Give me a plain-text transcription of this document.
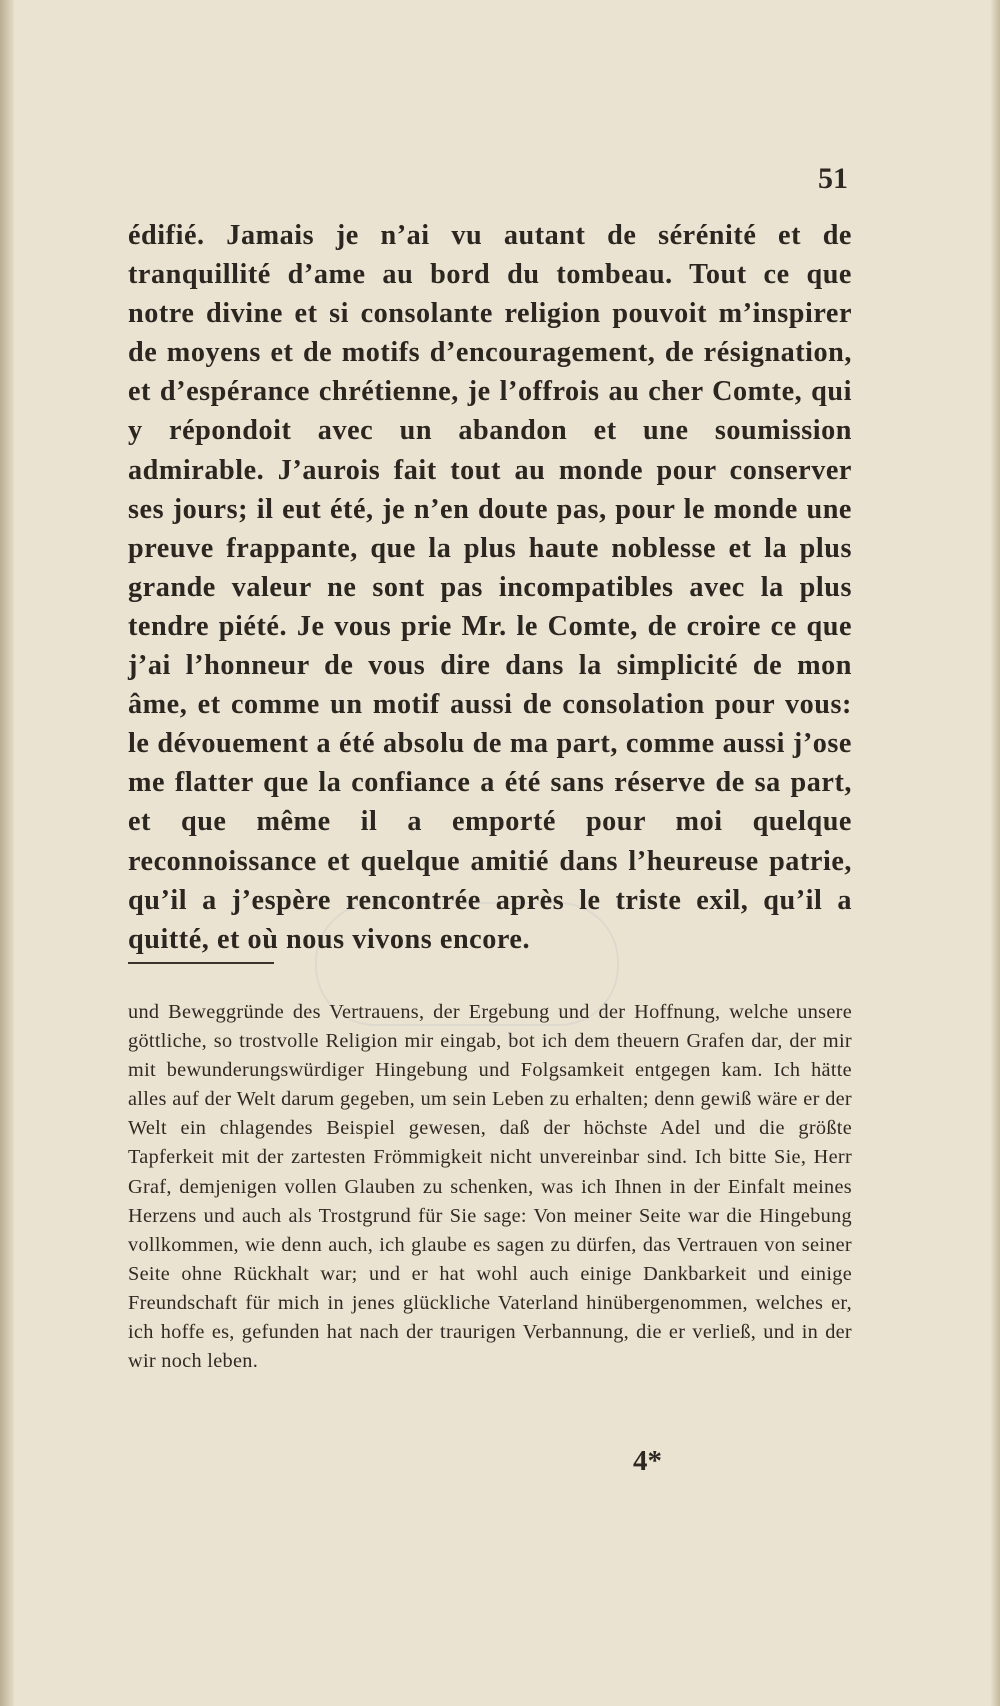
51

édifié. Jamais je n’ai vu autant de sérénité et de tranquillité d’ame au bord du tombeau. Tout ce que notre divine et si consolante religion pouvoit m’inspirer de moyens et de motifs d’encouragement, de résignation, et d’espérance chrétienne, je l’offrois au cher Comte, qui y répondoit avec un abandon et une soumission admirable. J’aurois fait tout au monde pour conserver ses jours; il eut été, je n’en doute pas, pour le monde une preuve frappante, que la plus haute noblesse et la plus grande valeur ne sont pas incompatibles avec la plus tendre piété. Je vous prie Mr. le Comte, de croire ce que j’ai l’honneur de vous dire dans la simplicité de mon âme, et comme un motif aussi de consolation pour vous: le dévouement a été absolu de ma part, comme aussi j’ose me flatter que la confiance a été sans réserve de sa part, et que même il a emporté pour moi quelque reconnoissance et quelque amitié dans l’heureuse patrie, qu’il a j’espère rencontrée après le triste exil, qu’il a quitté, et où nous vivons encore.

und Beweggründe des Vertrauens, der Ergebung und der Hoffnung, welche unsere göttliche, so trostvolle Religion mir eingab, bot ich dem theuern Grafen dar, der mir mit bewunderungswürdiger Hingebung und Folgsamkeit entgegen kam. Ich hätte alles auf der Welt darum gegeben, um sein Leben zu erhalten; denn gewiß wäre er der Welt ein chlagendes Beispiel gewesen, daß der höchste Adel und die größte Tapferkeit mit der zartesten Frömmigkeit nicht unvereinbar sind. Ich bitte Sie, Herr Graf, demjenigen vollen Glauben zu schenken, was ich Ihnen in der Einfalt meines Herzens und auch als Trostgrund für Sie sage: Von meiner Seite war die Hingebung vollkommen, wie denn auch, ich glaube es sagen zu dürfen, das Vertrauen von seiner Seite ohne Rückhalt war; und er hat wohl auch einige Dankbarkeit und einige Freundschaft für mich in jenes glückliche Vaterland hinübergenommen, welches er, ich hoffe es, gefunden hat nach der traurigen Verbannung, die er verließ, und in der wir noch leben.

4*
